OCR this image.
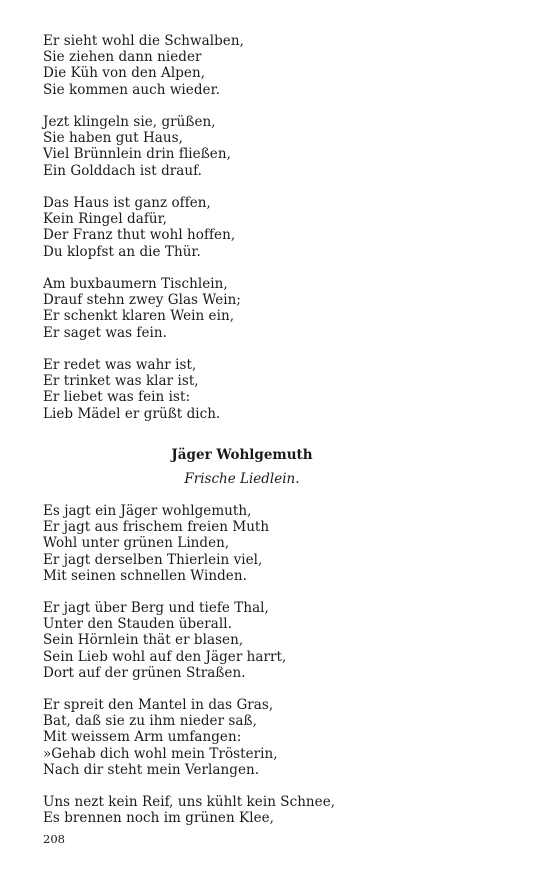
Er sieht wohl die Schwalben,
Sie ziehen dann nieder
Die Küh von den Alpen,
Sie kommen auch wieder.
Jezt klingeln sie, grüßen,
Sie haben gut Haus,
Viel Brünnlein drin fließen,
Ein Golddach ist drauf.
Das Haus ist ganz offen,
Kein Ringel dafür,
Der Franz thut wohl hoffen,
Du klopfst an die Thür.
Am buxbaumern Tischlein,
Drauf stehn zwey Glas Wein;
Er schenkt klaren Wein ein,
Er saget was fein.
Er redet was wahr ist,
Er trinket was klar ist,
Er liebet was fein ist:
Lieb Mädel er grüßt dich.
Jäger Wohlgemuth
Frische Liedlein.
Es jagt ein Jäger wohlgemuth,
Er jagt aus frischem freien Muth
Wohl unter grünen Linden,
Er jagt derselben Thierlein viel,
Mit seinen schnellen Winden.
Er jagt über Berg und tiefe Thal,
Unter den Stauden überall.
Sein Hörnlein thät er blasen,
Sein Lieb wohl auf den Jäger harrt,
Dort auf der grünen Straßen.
Er spreit den Mantel in das Gras,
Bat, daß sie zu ihm nieder saß,
Mit weissem Arm umfangen:
»Gehab dich wohl mein Trösterin,
Nach dir steht mein Verlangen.
Uns nezt kein Reif, uns kühlt kein Schnee,
Es brennen noch im grünen Klee,
208
